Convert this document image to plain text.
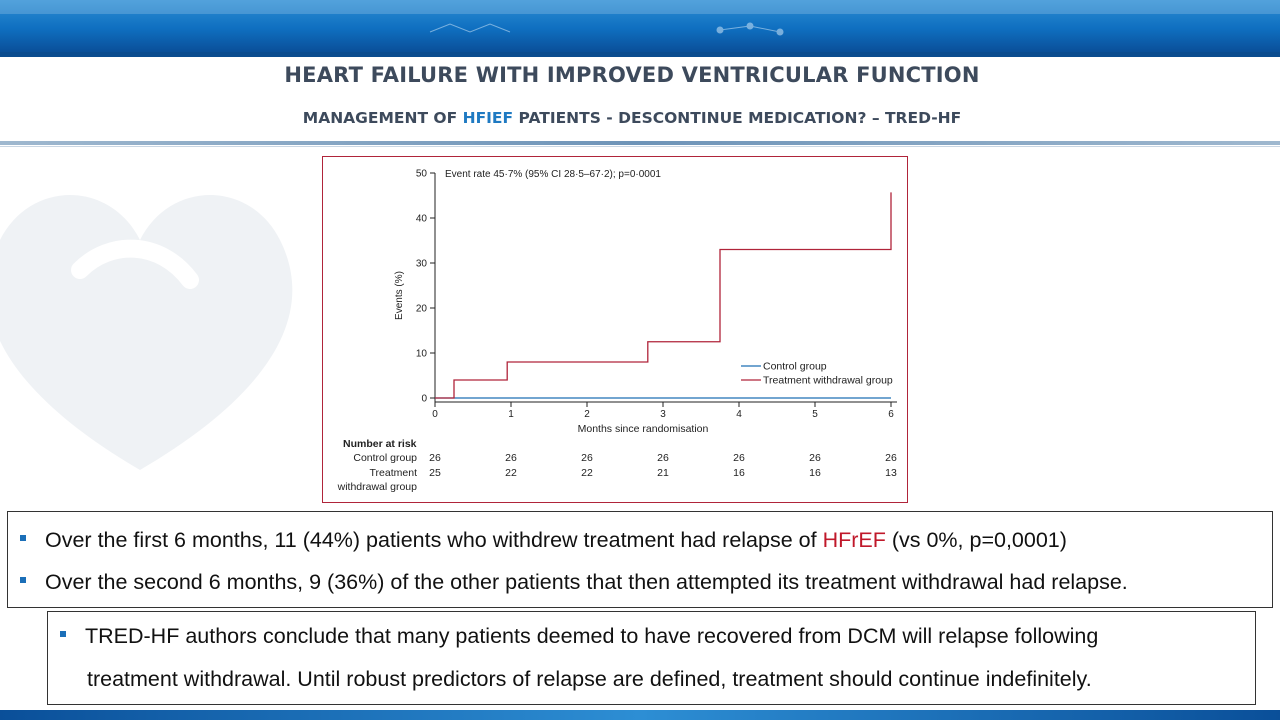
HEART FAILURE WITH IMPROVED VENTRICULAR FUNCTION
MANAGEMENT OF HFIEF PATIENTS - DESCONTINUE MEDICATION? – TRED-HF
0
10
20
30
40
50
0	1	2	3	4	5	6
Months since randomisation
Events (%)
Event rate 45·7% (95% CI 28·5–67·2); p=0·0001
Control group
Treatment withdrawal group
Number at risk
Control group 26	26	26	26	26	26	26
Treatment
withdrawal group
25	22	22	21	16	16	13
Over the first 6 months, 11 (44%) patients who withdrew treatment had relapse of HFrEF (vs 0%, p=0,0001)
Over the second 6 months, 9 (36%) of the other patients that then attempted its treatment withdrawal had relapse.
TRED-HF authors conclude that many patients deemed to have recovered from DCM will relapse following
treatment withdrawal. Until robust predictors of relapse are defined, treatment should continue indefinitely.
